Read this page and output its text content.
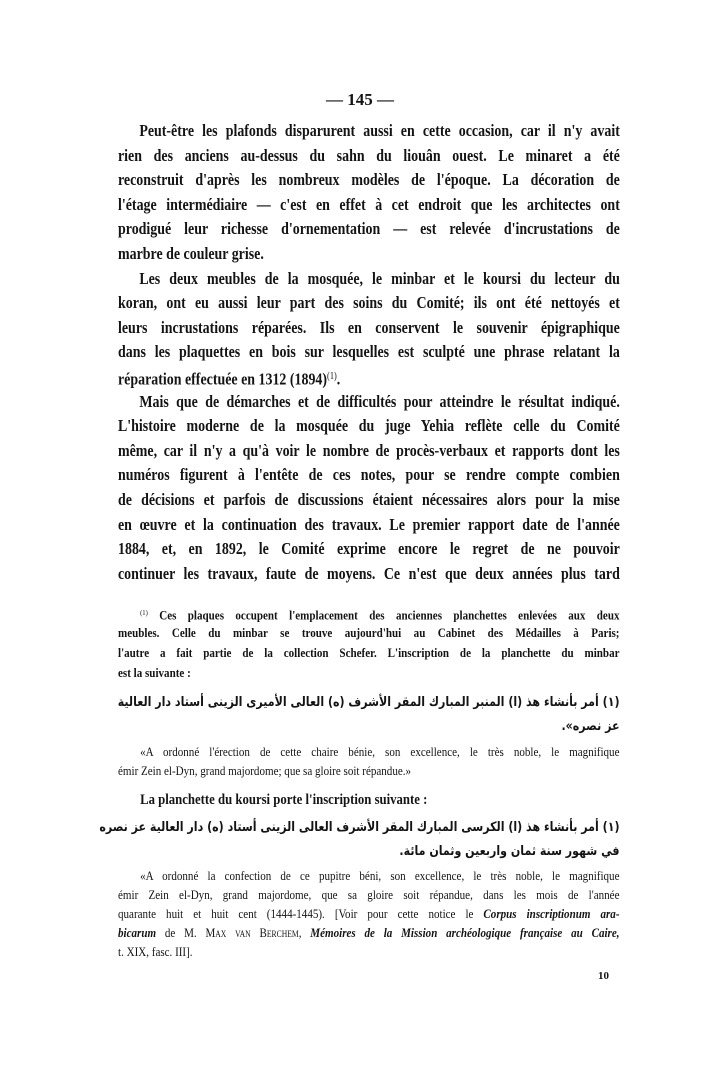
— 145 —
Peut-être les plafonds disparurent aussi en cette occasion, car il n'y avait
rien des anciens au-dessus du sahn du liouân ouest. Le minaret a été
reconstruit d'après les nombreux modèles de l'époque. La décoration de
l'étage intermédiaire — c'est en effet à cet endroit que les architectes ont
prodigué leur richesse d'ornementation — est relevée d'incrustations de
marbre de couleur grise.
Les deux meubles de la mosquée, le minbar et le koursi du lecteur du
koran, ont eu aussi leur part des soins du Comité; ils ont été nettoyés et
leurs incrustations réparées. Ils en conservent le souvenir épigraphique
dans les plaquettes en bois sur lesquelles est sculpté une phrase relatant la
réparation effectuée en 1312 $(1894)^{(1)}$.
Mais que de démarches et de difficultés pour atteindre le résultat indiqué.
L'histoire moderne de la mosquée du juge Yehia reflète celle du Comité
même, car il n'y a qu'à voir le nombre de procès-verbaux et rapports dont les
numéros figurent à l'entête de ces notes, pour se rendre compte combien
de décisions et parfois de discussions étaient nécessaires alors pour la mise
en œuvre et la continuation des travaux. Le premier rapport date de l'année
1884, et, en 1892, le Comité exprime encore le regret de ne pouvoir
continuer les travaux, faute de moyens. Ce n'est que deux années plus tard
$^{(1)}$ Ces plaques occupent l'emplacement des anciennes planchettes enlevées aux deux
meubles. Celle du minbar se trouve aujourd'hui au Cabinet des Médailles à Paris;
l'autre a fait partie de la collection Schefer. L'inscription de la planchette du minbar
est la suivante :
(١) أمر بأنشاء هذ (ا) المنبر المبارك المقر الأشرف (ه) العالى الأميرى الزينى أستاد دار العالية
عز نصره».
«A ordonné l'érection de cette chaire bénie, son excellence, le très noble, le magnifique
émir Zein el-Dyn, grand majordome; que sa gloire soit répandue.»
La planchette du koursi porte l'inscription suivante :
(١) أمر بأنشاء هذ (ا) الكرسى المبارك المقر الأشرف العالى الزينى أستاد (ه) دار العالية عز نصره
في شهور سنة ثمان واربعين وثمان مائة.
«A ordonné la confection de ce pupitre béni, son excellence, le très noble, le magnifique
émir Zein el-Dyn, grand majordome, que sa gloire soit répandue, dans les mois de l'année
quarante huit et huit cent (1444-1445). [Voir pour cette notice le Corpus inscriptionum ara-
bicarum de M. Max van Berchem, Mémoires de la Mission archéologique française au Caire,
t. XIX, fasc. III].
10
